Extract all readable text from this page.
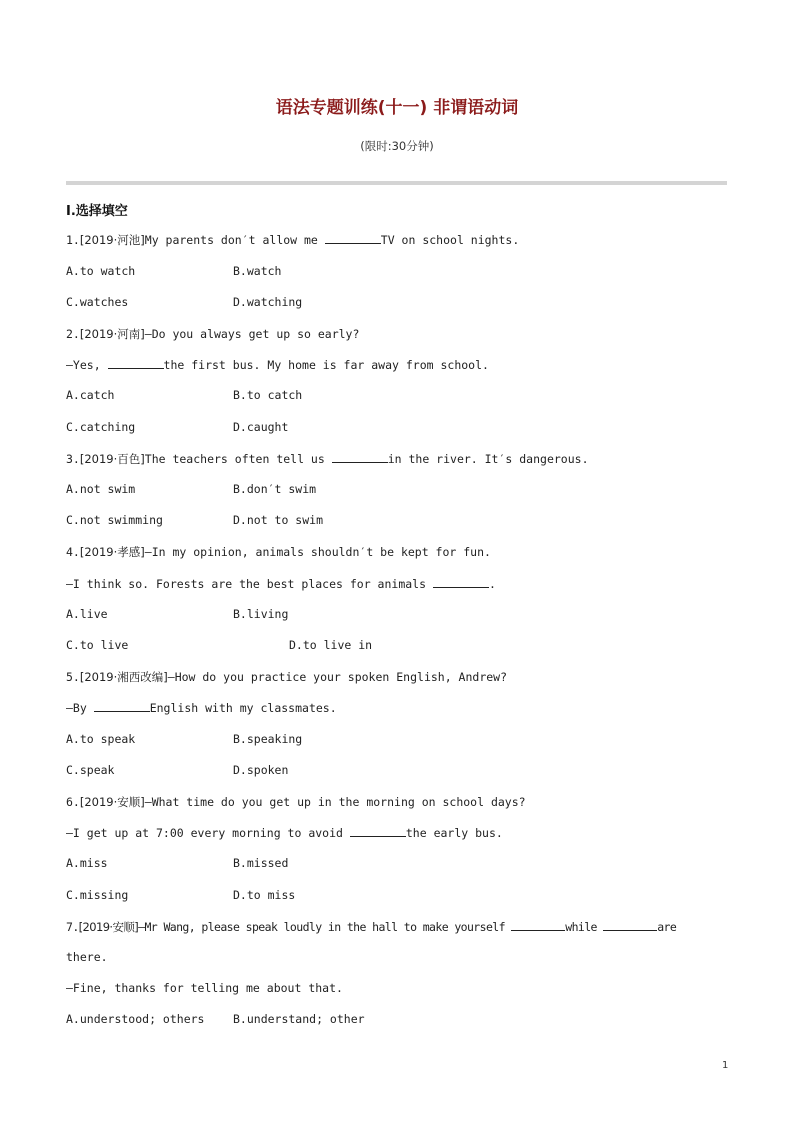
语法专题训练(十一) 非谓语动词
(限时:30分钟)
Ⅰ.选择填空
1.[2019·河池]My parents don′t allow me	TV on school nights.
A.to watch	B.watch
C.watches	D.watching
2.[2019·河南]—Do you always get up so early?
—Yes,	the first bus. My home is far away from school.
A.catch	B.to catch
C.catching	D.caught
3.[2019·百色]The teachers often tell us	in the river. It′s dangerous.
A.not swim	B.don′t swim
C.not swimming	D.not to swim
4.[2019·孝感]—In my opinion, animals shouldn′t be kept for fun.
—I think so. Forests are the best places for animals	.
A.live	B.living
C.to live	D.to live in
5.[2019·湘西改编]—How do you practice your spoken English, Andrew?
—By	English with my classmates.
A.to speak	B.speaking
C.speak	D.spoken
6.[2019·安顺]—What time do you get up in the morning on school days?
—I get up at 7:00 every morning to avoid	the early bus.
A.miss	B.missed
C.missing	D.to miss
7.[2019·安顺]—Mr Wang, please speak loudly in the hall to make yourself	while	are
there.
—Fine, thanks for telling me about that.
A.understood; others B.understand; other
1
